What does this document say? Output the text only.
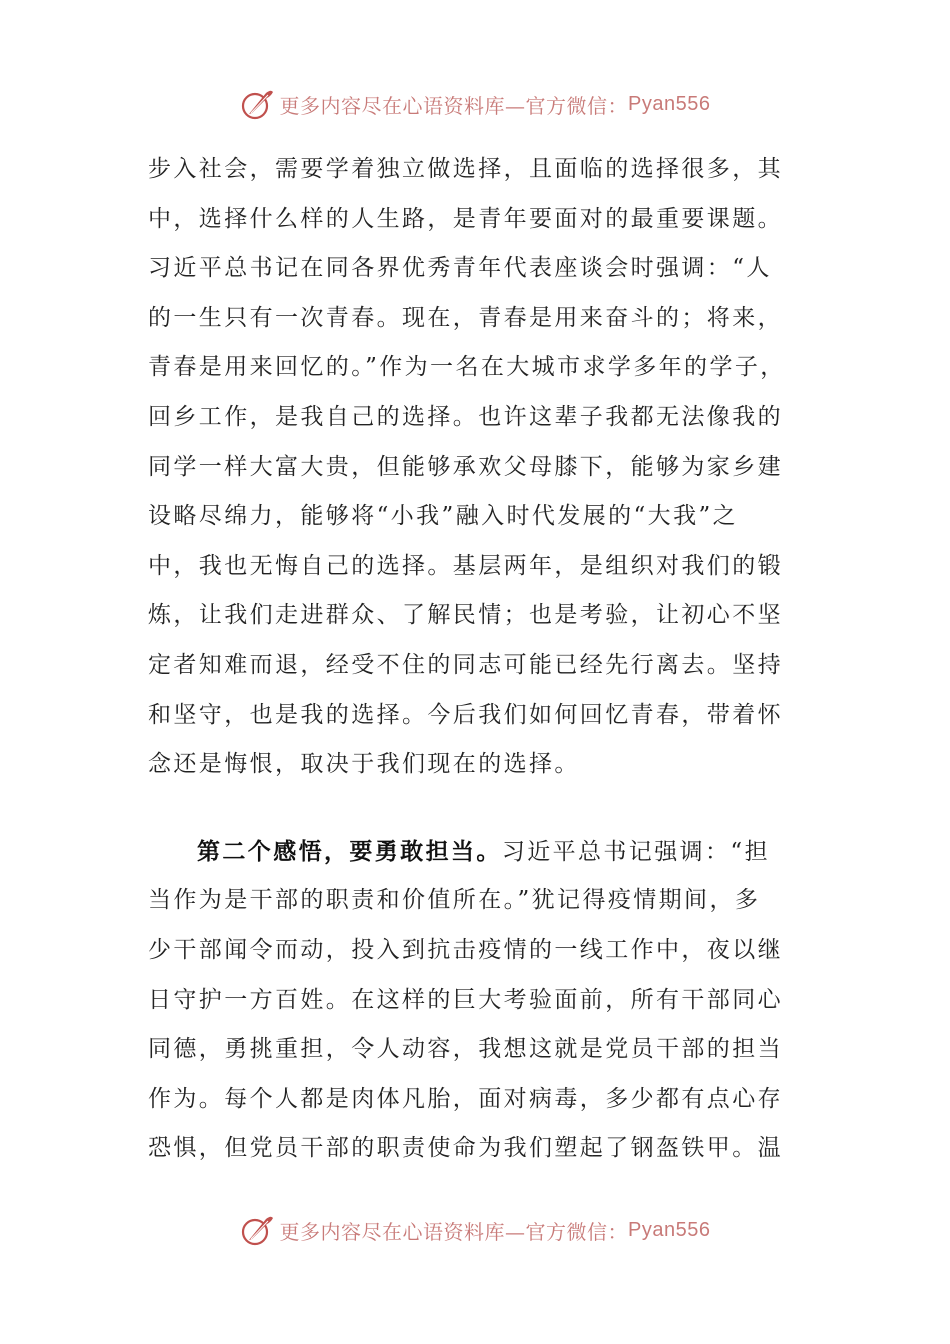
更多内容尽在心语资料库—官方微信： Pyan556
步入社会，需要学着独立做选择，且面临的选择很多，其
中，选择什么样的人生路，是青年要面对的最重要课题。
习近平总书记在同各界优秀青年代表座谈会时强调：“人
的一生只有一次青春。现在，青春是用来奋斗的；将来，
青春是用来回忆的。”作为一名在大城市求学多年的学子，
回乡工作，是我自己的选择。也许这辈子我都无法像我的
同学一样大富大贵，但能够承欢父母膝下，能够为家乡建
设略尽绵力，能够将“小我”融入时代发展的“大我”之
中，我也无悔自己的选择。基层两年，是组织对我们的锻
炼，让我们走进群众、了解民情；也是考验，让初心不坚
定者知难而退，经受不住的同志可能已经先行离去。坚持
和坚守，也是我的选择。今后我们如何回忆青春，带着怀
念还是悔恨，取决于我们现在的选择。
第二个感悟，要勇敢担当。习近平总书记强调：“担
当作为是干部的职责和价值所在。”犹记得疫情期间，多
少干部闻令而动，投入到抗击疫情的一线工作中，夜以继
日守护一方百姓。在这样的巨大考验面前，所有干部同心
同德，勇挑重担，令人动容，我想这就是党员干部的担当
作为。每个人都是肉体凡胎，面对病毒，多少都有点心存
恐惧，但党员干部的职责使命为我们塑起了钢盔铁甲。温
更多内容尽在心语资料库—官方微信： Pyan556
